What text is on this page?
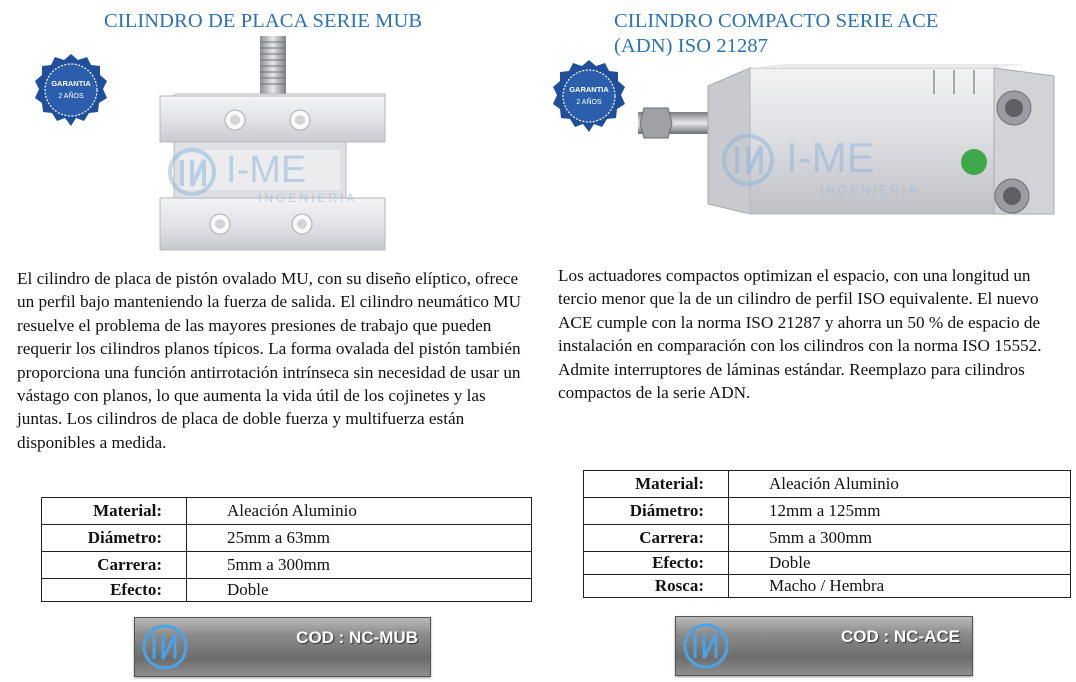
CILINDRO DE PLACA SERIE MUB
I-ME
INGENIERIA
GARANTIA
2 AÑOS

El cilindro de placa de pistón ovalado MU, con su diseño elíptico, ofrece un perfil bajo manteniendo la fuerza de salida. El cilindro neumático MU resuelve el problema de las mayores presiones de trabajo que pueden requerir los cilindros planos típicos. La forma ovalada del pistón también proporciona una función antirrotación intrínseca sin necesidad de usar un vástago con planos, lo que aumenta la vida útil de los cojinetes y las juntas. Los cilindros de placa de doble fuerza y multifuerza están disponibles a medida.

Material:	Aleación Aluminio
Diámetro:	25mm a 63mm
Carrera:	5mm a 300mm
Efecto:	Doble
COD : NC-MUB
CILINDRO COMPACTO SERIE ACE
(ADN) ISO 21287
I-ME
INGENIERIA
GARANTIA
2 AÑOS

Los actuadores compactos optimizan el espacio, con una longitud un tercio menor que la de un cilindro de perfil ISO equivalente. El nuevo ACE cumple con la norma ISO 21287 y ahorra un 50 % de espacio de instalación en comparación con los cilindros con la norma ISO 15552. Admite interruptores de láminas estándar. Reemplazo para cilindros compactos de la serie ADN.

Material:	Aleación Aluminio
Diámetro:	12mm a 125mm
Carrera:	5mm a 300mm
Efecto:	Doble
Rosca:	Macho / Hembra
COD : NC-ACE
